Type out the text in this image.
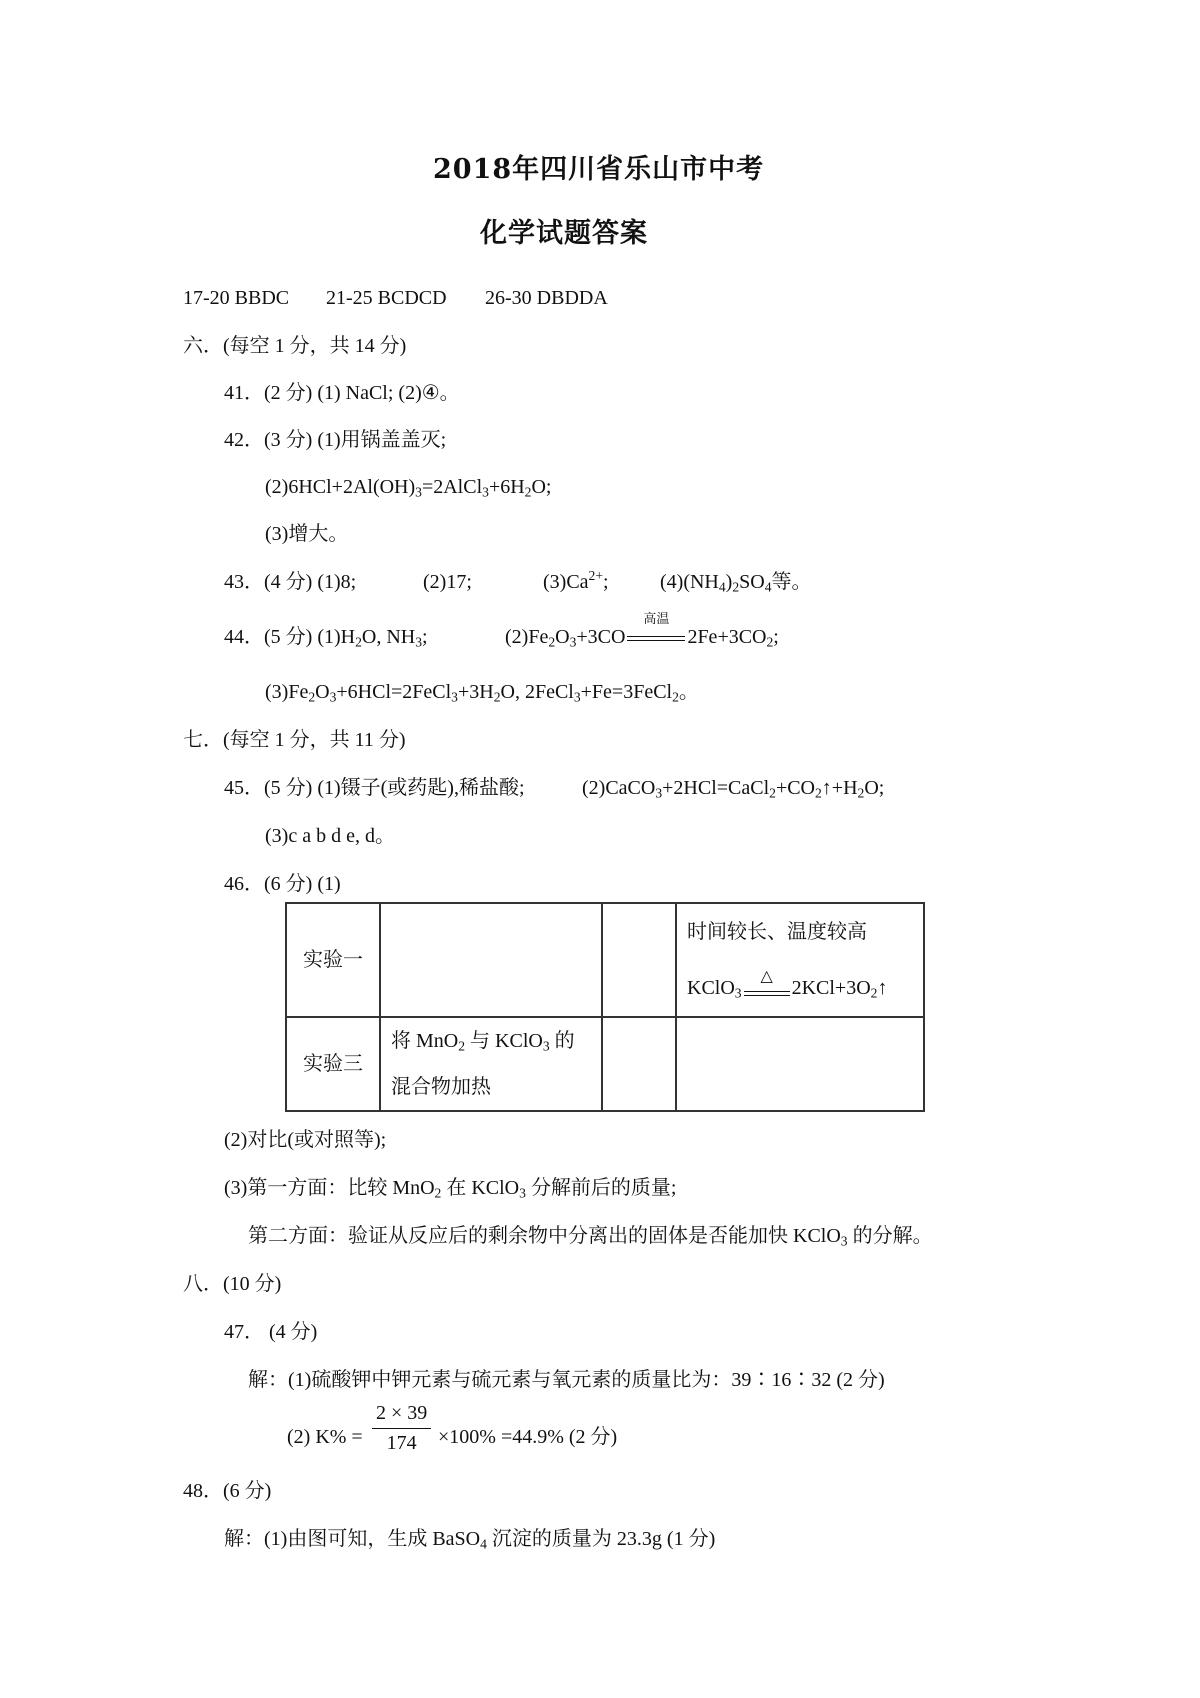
2018年四川省乐山市中考
化学试题答案
17-20 BBDC 21-25 BCDCD 26-30 DBDDA
六．(每空 1 分，共 14 分)
41．(2 分) (1) NaCl; (2)④。
42．(3 分) (1)用锅盖盖灭;
$(2)6HCl+2Al(OH)_3=2AlCl_3+6H_2O$;
(3)增大。
43．(4 分) (1)8;	(2)17;	$(3)Ca^{2+}$;	$(4)(NH_4)_2SO_4$等。
44．(5 分) $(1)H_2O$, $NH_3$;	$(2)Fe_2O_3+3CO$
高温
$2Fe+3CO_2$;
$(3)Fe_2O_3+6HCl=2FeCl_3+3H_2O$, 2FeCl$_3$+Fe=3FeCl$_2$。
七．(每空 1 分，共 11 分)
45．(5 分) (1)镊子(或药匙),稀盐酸;	$(2)CaCO_3+2HCl=CaCl_2+CO_2↑+H_2O$;
(3)c a b d e, d。
46．(6 分) (1)
实验一			时间较长、温度较高
KClO$_3$
△
$2KCl+3O_2↑$

实验三	将 MnO$_2$ 与 KClO$_3$ 的
混合物加热		

(2)对比(或对照等);
(3)第一方面：比较 MnO$_2$ 在 KClO$_3$ 分解前后的质量;
第二方面：验证从反应后的剩余物中分离出的固体是否能加快 KClO$_3$ 的分解。
八．(10 分)
47． (4 分)
解：(1)硫酸钾中钾元素与硫元素与氧元素的质量比为：39∶16∶32 (2 分)
(2) $K\% = \frac{2 \times 39}{174} \times 100\% =44.9\%$ (2 分)
48．(6 分)
解：(1)由图可知，生成 BaSO$_4$ 沉淀的质量为 23.3g (1 分)
